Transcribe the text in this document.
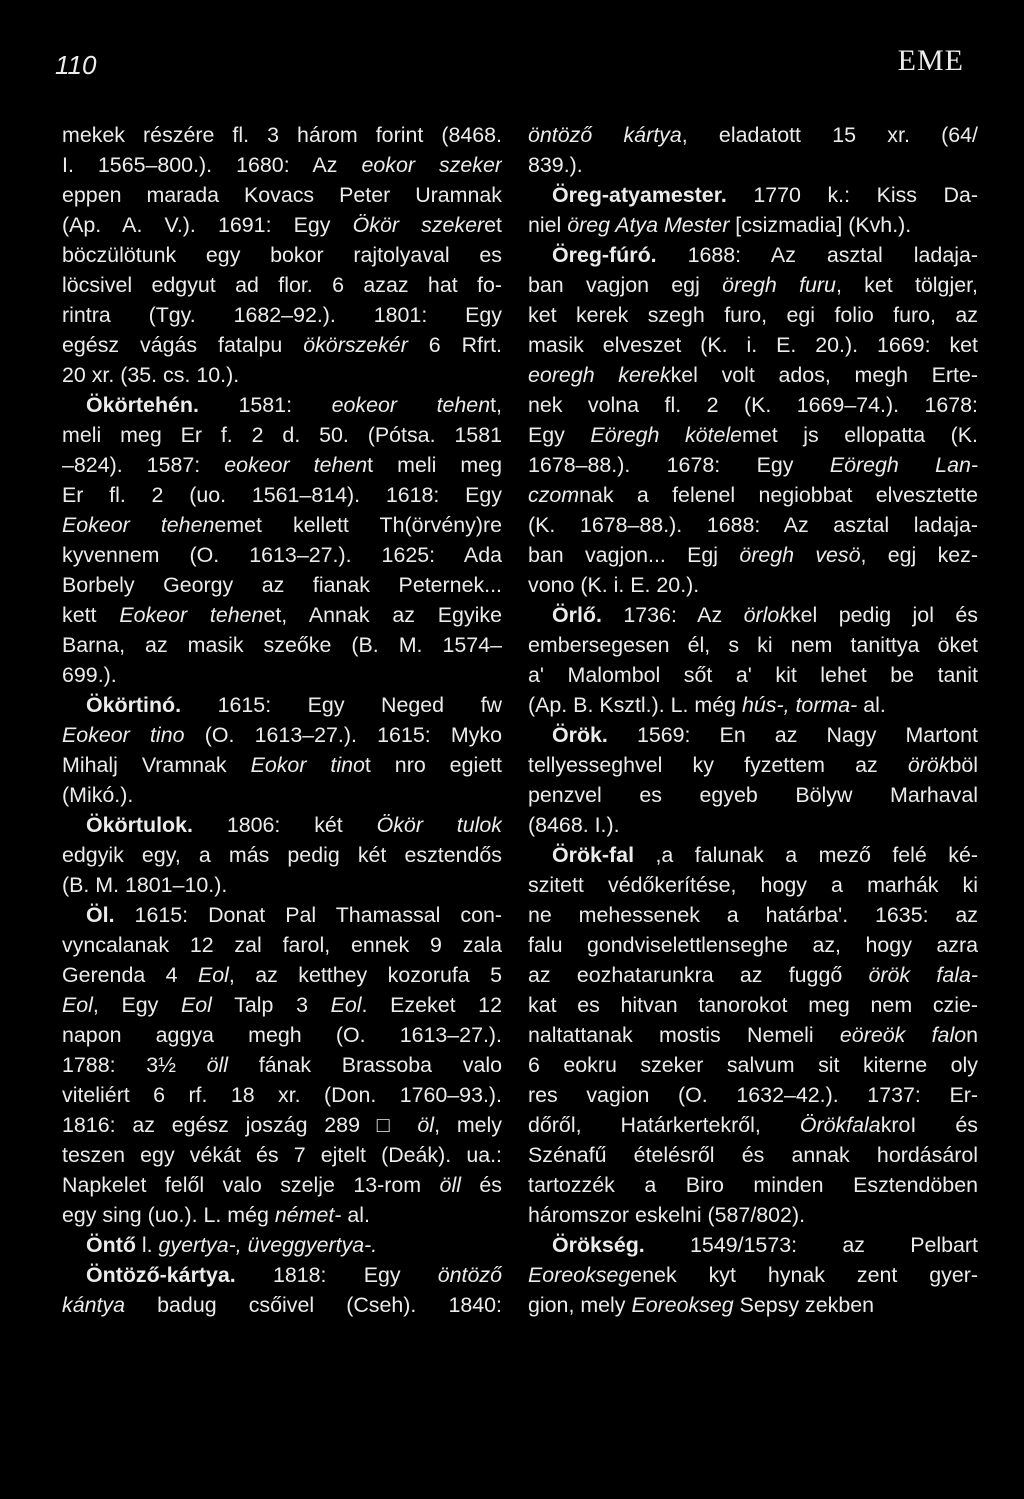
110	EME
mekek részére fl. 3 három forint (8468.
I. 1565–800.). 1680: Az eokor szeker
eppen marada Kovacs Peter Uramnak
(Ap. A. V.). 1691: Egy Ökör szekeret
böczülötunk egy bokor rajtolyaval es
löcsivel edgyut ad flor. 6 azaz hat fo-
rintra (Tgy. 1682–92.). 1801: Egy
egész vágás fatalpu ökörszekér 6 Rfrt.
20 xr. (35. cs. 10.).
Ökörtehén. 1581: eokeor tehent,
meli meg Er f. 2 d. 50. (Pótsa. 1581
–824). 1587: eokeor tehent meli meg
Er fl. 2 (uo. 1561–814). 1618: Egy
Eokeor tehenemet kellett Th(örvény)re
kyvennem (O. 1613–27.). 1625: Ada
Borbely Georgy az fianak Peternek...
kett Eokeor tehenet, Annak az Egyike
Barna, az masik szeőke (B. M. 1574–
699.).
Ökörtinó. 1615: Egy Neged fw
Eokeor tino (O. 1613–27.). 1615: Myko
Mihalj Vramnak Eokor tinot nro egiett
(Mikó.).
Ökörtulok. 1806: két Ökör tulok
edgyik egy, a más pedig két esztendős
(B. M. 1801–10.).
Öl. 1615: Donat Pal Thamassal con-
vyncalanak 12 zal farol, ennek 9 zala
Gerenda 4 Eol, az ketthey kozorufa 5
Eol, Egy Eol Talp 3 Eol. Ezeket 12
napon aggya megh (O. 1613–27.).
1788: 3½ öll fának Brassoba valo
viteliért 6 rf. 18 xr. (Don. 1760–93.).
1816: az egész joszág 289 □ öl, mely
teszen egy vékát és 7 ejtelt (Deák). ua.:
Napkelet felől valo szelje 13-rom öll és
egy sing (uo.). L. még német- al.
Öntő l. gyertya-, üveggyertya-.
Öntöző-kártya. 1818: Egy öntöző
kántya badug csőivel (Cseh). 1840:
öntöző kártya, eladatott 15 xr. (64/
839.).
Öreg-atyamester. 1770 k.: Kiss Da-
niel öreg Atya Mester [csizmadia] (Kvh.).
Öreg-fúró. 1688: Az asztal ladaja-
ban vagjon egj öregh furu, ket tölgjer,
ket kerek szegh furo, egi folio furo, az
masik elveszet (K. i. E. 20.). 1669: ket
eoregh kerekkel volt ados, megh Erte-
nek volna fl. 2 (K. 1669–74.). 1678:
Egy Eöregh kötelemet js ellopatta (K.
1678–88.). 1678: Egy Eöregh Lan-
czomnak a felenel negiobbat elvesztette
(K. 1678–88.). 1688: Az asztal ladaja-
ban vagjon... Egj öregh vesö, egj kez-
vono (K. i. E. 20.).
Örlő. 1736: Az örlokkel pedig jol és
embersegesen él, s ki nem tanittya öket
a' Malombol sőt a' kit lehet be tanit
(Ap. B. Ksztl.). L. még hús-, torma- al.
Örök. 1569: En az Nagy Martont
tellyesseghvel ky fyzettem az örökböl
penzvel es egyeb Bölyw Marhaval
(8468. I.).
Örök-fal ,a falunak a mező felé ké-
szitett védőkerítése, hogy a marhák ki
ne mehessenek a határba'. 1635: az
falu gondviselettlenseghe az, hogy azra
az eozhatarunkra az fuggő örök fala-
kat es hitvan tanorokot meg nem czie-
naltattanak mostis Nemeli eöreök falon
6 eokru szeker salvum sit kiterne oly
res vagion (O. 1632–42.). 1737: Er-
dőről, Határkertekről, ÖrökfalakroI és
Szénafű ételésről és annak hordásárol
tartozzék a Biro minden Esztendöben
háromszor eskelni (587/802).
Örökség. 1549/1573: az Pelbart
Eoreoksegenek kyt hynak zent gyer-
gion, mely Eoreokseg Sepsy zekben
